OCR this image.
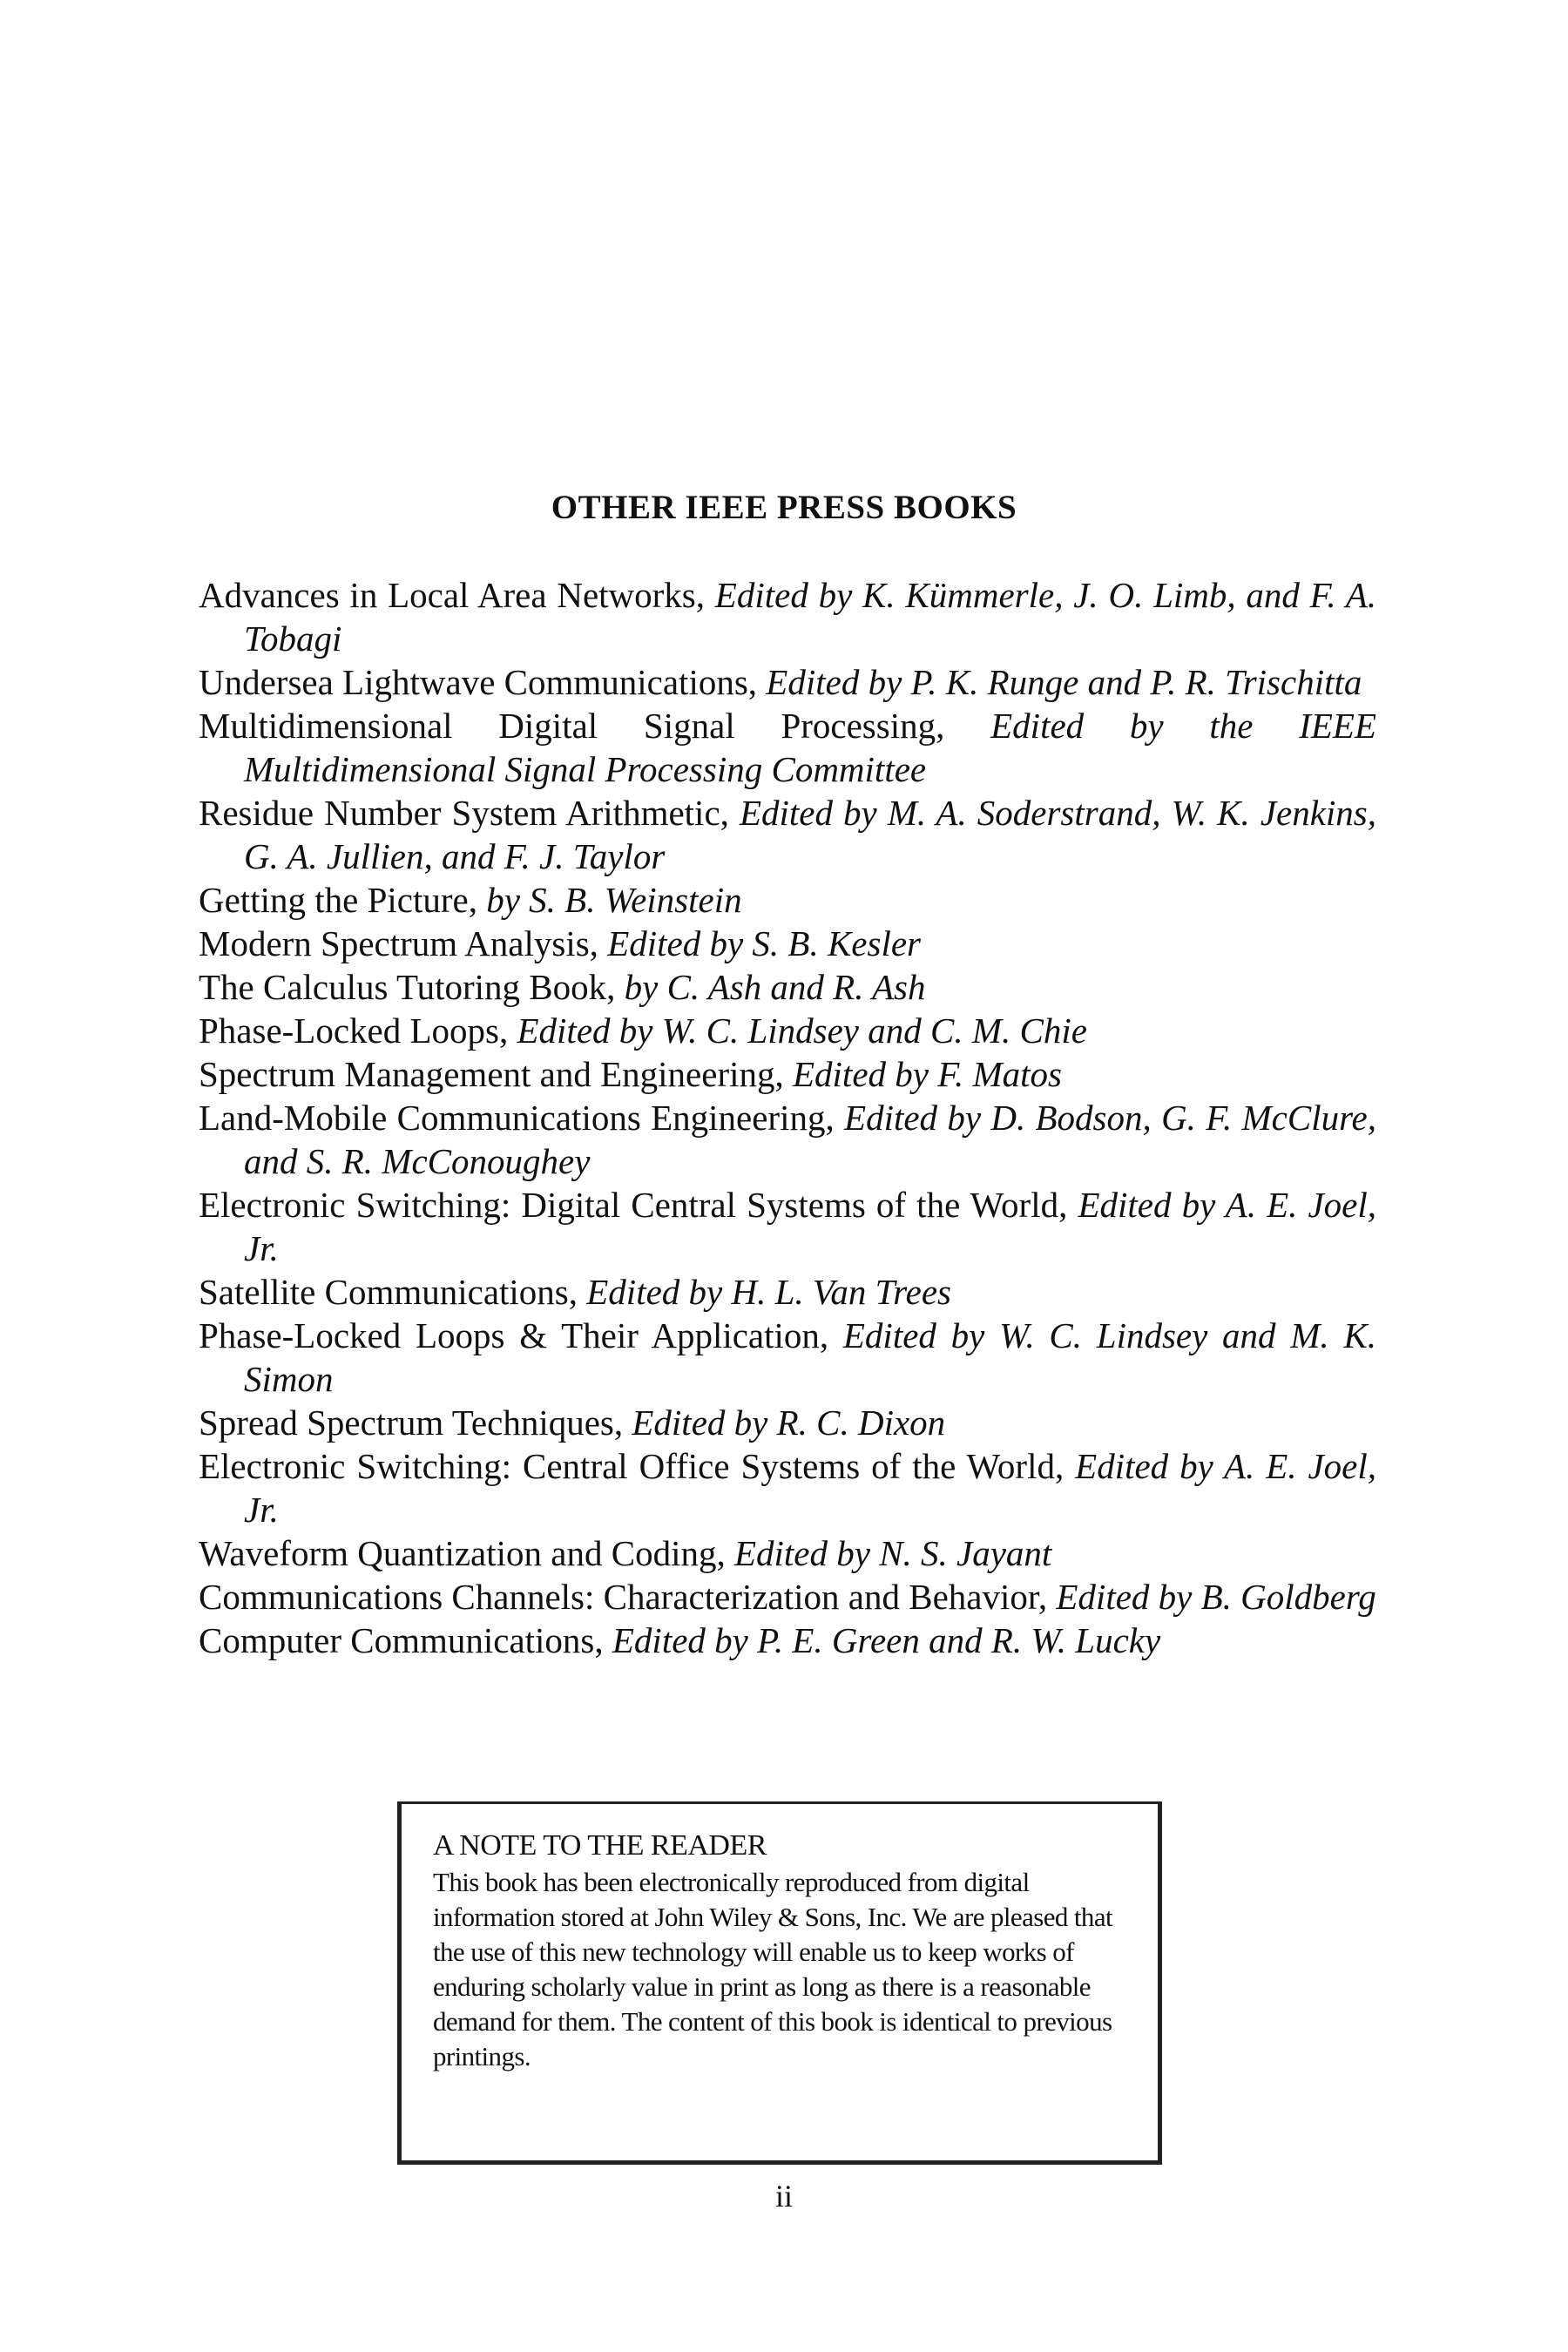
OTHER IEEE PRESS BOOKS
Advances in Local Area Networks, Edited by K. Kümmerle, J. O. Limb, and F. A. Tobagi
Undersea Lightwave Communications, Edited by P. K. Runge and P. R. Trischitta
Multidimensional Digital Signal Processing, Edited by the IEEE Multidimensional Signal Processing Committee
Residue Number System Arithmetic, Edited by M. A. Soderstrand, W. K. Jenkins, G. A. Jullien, and F. J. Taylor
Getting the Picture, by S. B. Weinstein
Modern Spectrum Analysis, Edited by S. B. Kesler
The Calculus Tutoring Book, by C. Ash and R. Ash
Phase-Locked Loops, Edited by W. C. Lindsey and C. M. Chie
Spectrum Management and Engineering, Edited by F. Matos
Land-Mobile Communications Engineering, Edited by D. Bodson, G. F. McClure, and S. R. McConoughey
Electronic Switching: Digital Central Systems of the World, Edited by A. E. Joel, Jr.
Satellite Communications, Edited by H. L. Van Trees
Phase-Locked Loops & Their Application, Edited by W. C. Lindsey and M. K. Simon
Spread Spectrum Techniques, Edited by R. C. Dixon
Electronic Switching: Central Office Systems of the World, Edited by A. E. Joel, Jr.
Waveform Quantization and Coding, Edited by N. S. Jayant
Communications Channels: Characterization and Behavior, Edited by B. Goldberg
Computer Communications, Edited by P. E. Green and R. W. Lucky

A NOTE TO THE READER

This book has been electronically reproduced from digital information stored at John Wiley & Sons, Inc. We are pleased that the use of this new technology will enable us to keep works of enduring scholarly value in print as long as there is a reasonable demand for them. The content of this book is identical to previous printings.

ii
